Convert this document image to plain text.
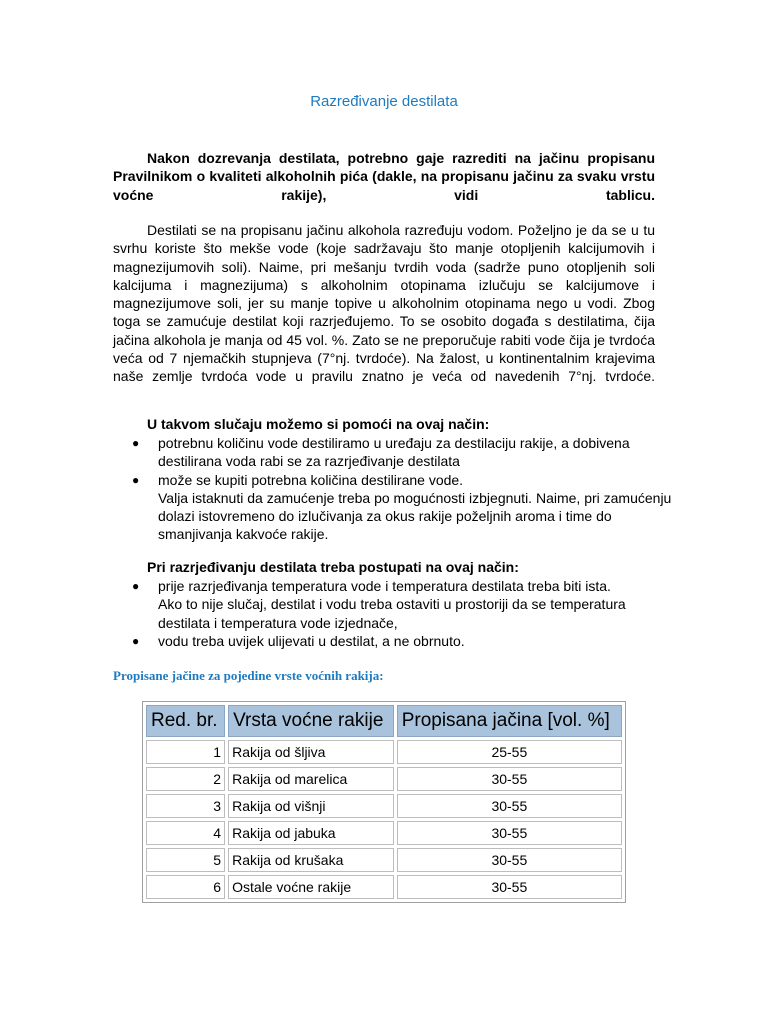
Razređivanje destilata
Nakon dozrevanja destilata, potrebno gaje razrediti na jačinu propisanu Pravilnikom o kvaliteti alkoholnih pića (dakle, na propisanu jačinu za svaku vrstu voćne rakije), vidi tablicu.
Destilati se na propisanu jačinu alkohola razređuju vodom. Poželjno je da se u tu svrhu koriste što mekše vode (koje sadržavaju što manje otopljenih kalcijumovih i magnezijumovih soli). Naime, pri mešanju tvrdih voda (sadrže puno otopljenih soli kalcijuma i magnezijuma) s alkoholnim otopinama izlučuju se kalcijumove i magnezijumove soli, jer su manje topive u alkoholnim otopinama nego u vodi. Zbog toga se zamućuje destilat koji razrjeđujemo. To se osobito događa s destilatima, čija jačina alkohola je manja od 45 vol. %. Zato se ne preporučuje rabiti vode čija je tvrdoća veća od 7 njemačkih stupnjeva (7°nj. tvrdoće). Na žalost, u kontinentalnim krajevima naše zemlje tvrdoća vode u pravilu znatno je veća od navedenih 7°nj. tvrdoće.
U takvom slučaju možemo si pomoći na ovaj način:
● potrebnu količinu vode destiliramo u uređaju za destilaciju rakije, a dobivena destilirana voda rabi se za razrjeđivanje destilata
● može se kupiti potrebna količina destilirane vode.
Valja istaknuti da zamućenje treba po mogućnosti izbjegnuti. Naime, pri zamućenju dolazi istovremeno do izlučivanja za okus rakije poželjnih aroma i time do smanjivanja kakvoće rakije.
Pri razrjeđivanju destilata treba postupati na ovaj način:
● prije razrjeđivanja temperatura vode i temperatura destilata treba biti ista.
Ako to nije slučaj, destilat i vodu treba ostaviti u prostoriji da se temperatura destilata i temperatura vode izjednače,
● vodu treba uvijek ulijevati u destilat, a ne obrnuto.
Propisane jačine za pojedine vrste voćnih rakija:
Red. br.	Vrsta voćne rakije	Propisana jačina [vol. %]
1	Rakija od šljiva	25-55
2	Rakija od marelica	30-55
3	Rakija od višnji	30-55
4	Rakija od jabuka	30-55
5	Rakija od krušaka	30-55
6	Ostale voćne rakije	30-55
